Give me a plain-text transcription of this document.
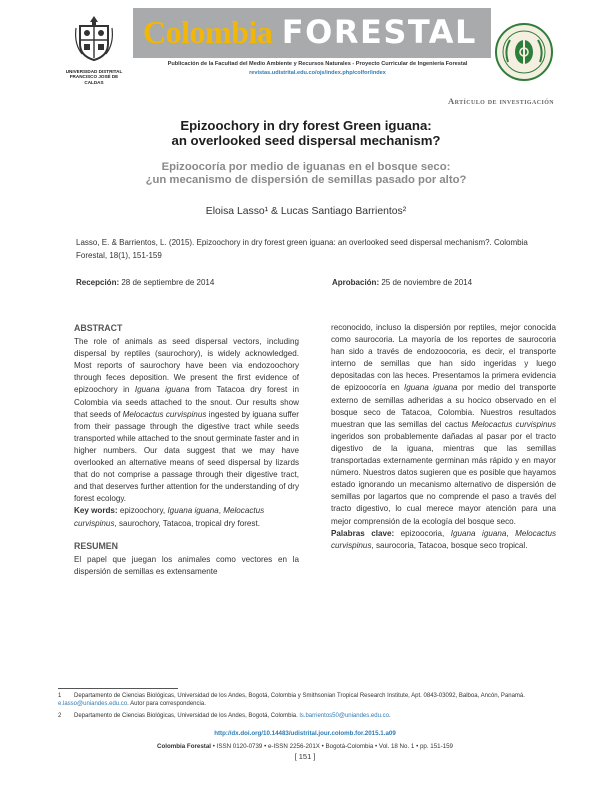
UNIVERSIDAD DISTRITAL
FRANCISCO JOSÉ DE CALDAS
Colombia FORESTAL
Publicación de la Facultad del Medio Ambiente y Recursos Naturales - Proyecto Curricular de Ingeniería Forestal
revistas.udistrital.edu.co/ojs/index.php/colfor/index
Artículo de investigación
Epizoochory in dry forest Green iguana:
an overlooked seed dispersal mechanism?
Epizoocoría por medio de iguanas en el bosque seco:
¿un mecanismo de dispersión de semillas pasado por alto?
Eloisa Lasso¹ & Lucas Santiago Barrientos²
Lasso, E. & Barrientos, L. (2015). Epizoochory in dry forest green iguana: an overlooked seed dispersal mechanism?. Colombia Forestal, 18(1), 151-159
Recepción: 28 de septiembre de 2014	Aprobación: 25 de noviembre de 2014
ABSTRACT

The role of animals as seed dispersal vectors, including dispersal by reptiles (saurochory), is widely acknowledged. Most reports of saurochory have been via endozoochory through feces deposition. We present the first evidence of epizoochory in Iguana iguana from Tatacoa dry forest in Colombia via seeds attached to the snout. Our results show that seeds of Melocactus curvispinus ingested by iguana suffer from their passage through the digestive tract while seeds transported while attached to the snout germinate faster and in higher numbers. Our data suggest that we may have overlooked an alternative means of seed dispersal by lizards that do not comprise a passage through their digestive tract, and that deserves further attention for the understanding of dry forest ecology.

Key words: epizoochory, Iguana iguana, Melocactus curvispinus, saurochory, Tatacoa, tropical dry forest.

RESUMEN

El papel que juegan los animales como vectores en la dispersión de semillas es extensamente

reconocido, incluso la dispersión por reptiles, mejor conocida como saurocoria. La mayoría de los reportes de saurocoria han sido a través de endozoocoria, es decir, el transporte interno de semillas que han sido ingeridas y luego depositadas con las heces. Presentamos la primera evidencia de epizoocoría en Iguana iguana por medio del transporte externo de semillas adheridas a su hocico observado en el bosque seco de Tatacoa, Colombia. Nuestros resultados muestran que las semillas del cactus Melocactus curvispinus ingeridos son probablemente dañadas al pasar por el tracto digestivo de la iguana, mientras que las semillas transportadas externamente germinan más rápido y en mayor número. Nuestros datos sugieren que es posible que hayamos estado ignorando un mecanismo alternativo de dispersión de semillas por lagartos que no comprende el paso a través del tracto digestivo, lo cual merece mayor atención para una mejor comprensión de la ecología del bosque seco.

Palabras clave: epizoocoria, Iguana iguana, Melocactus curvispinus, saurocoria, Tatacoa, bosque seco tropical.

1 Departamento de Ciencias Biológicas, Universidad de los Andes, Bogotá, Colombia y Smithsonian Tropical Research Institute, Apt. 0843-03092, Balboa, Ancón, Panamá. e.lasso@uniandes.edu.co. Autor para correspondencia.
2 Departamento de Ciencias Biológicas, Universidad de los Andes, Bogotá, Colombia. ls.barrientos50@uniandes.edu.co.
http://dx.doi.org/10.14483/udistrital.jour.colomb.for.2015.1.a09
Colombia Forestal • ISSN 0120-0739 • e-ISSN 2256-201X • Bogotá-Colombia • Vol. 18 No. 1 • pp. 151-159
[ 151 ]
